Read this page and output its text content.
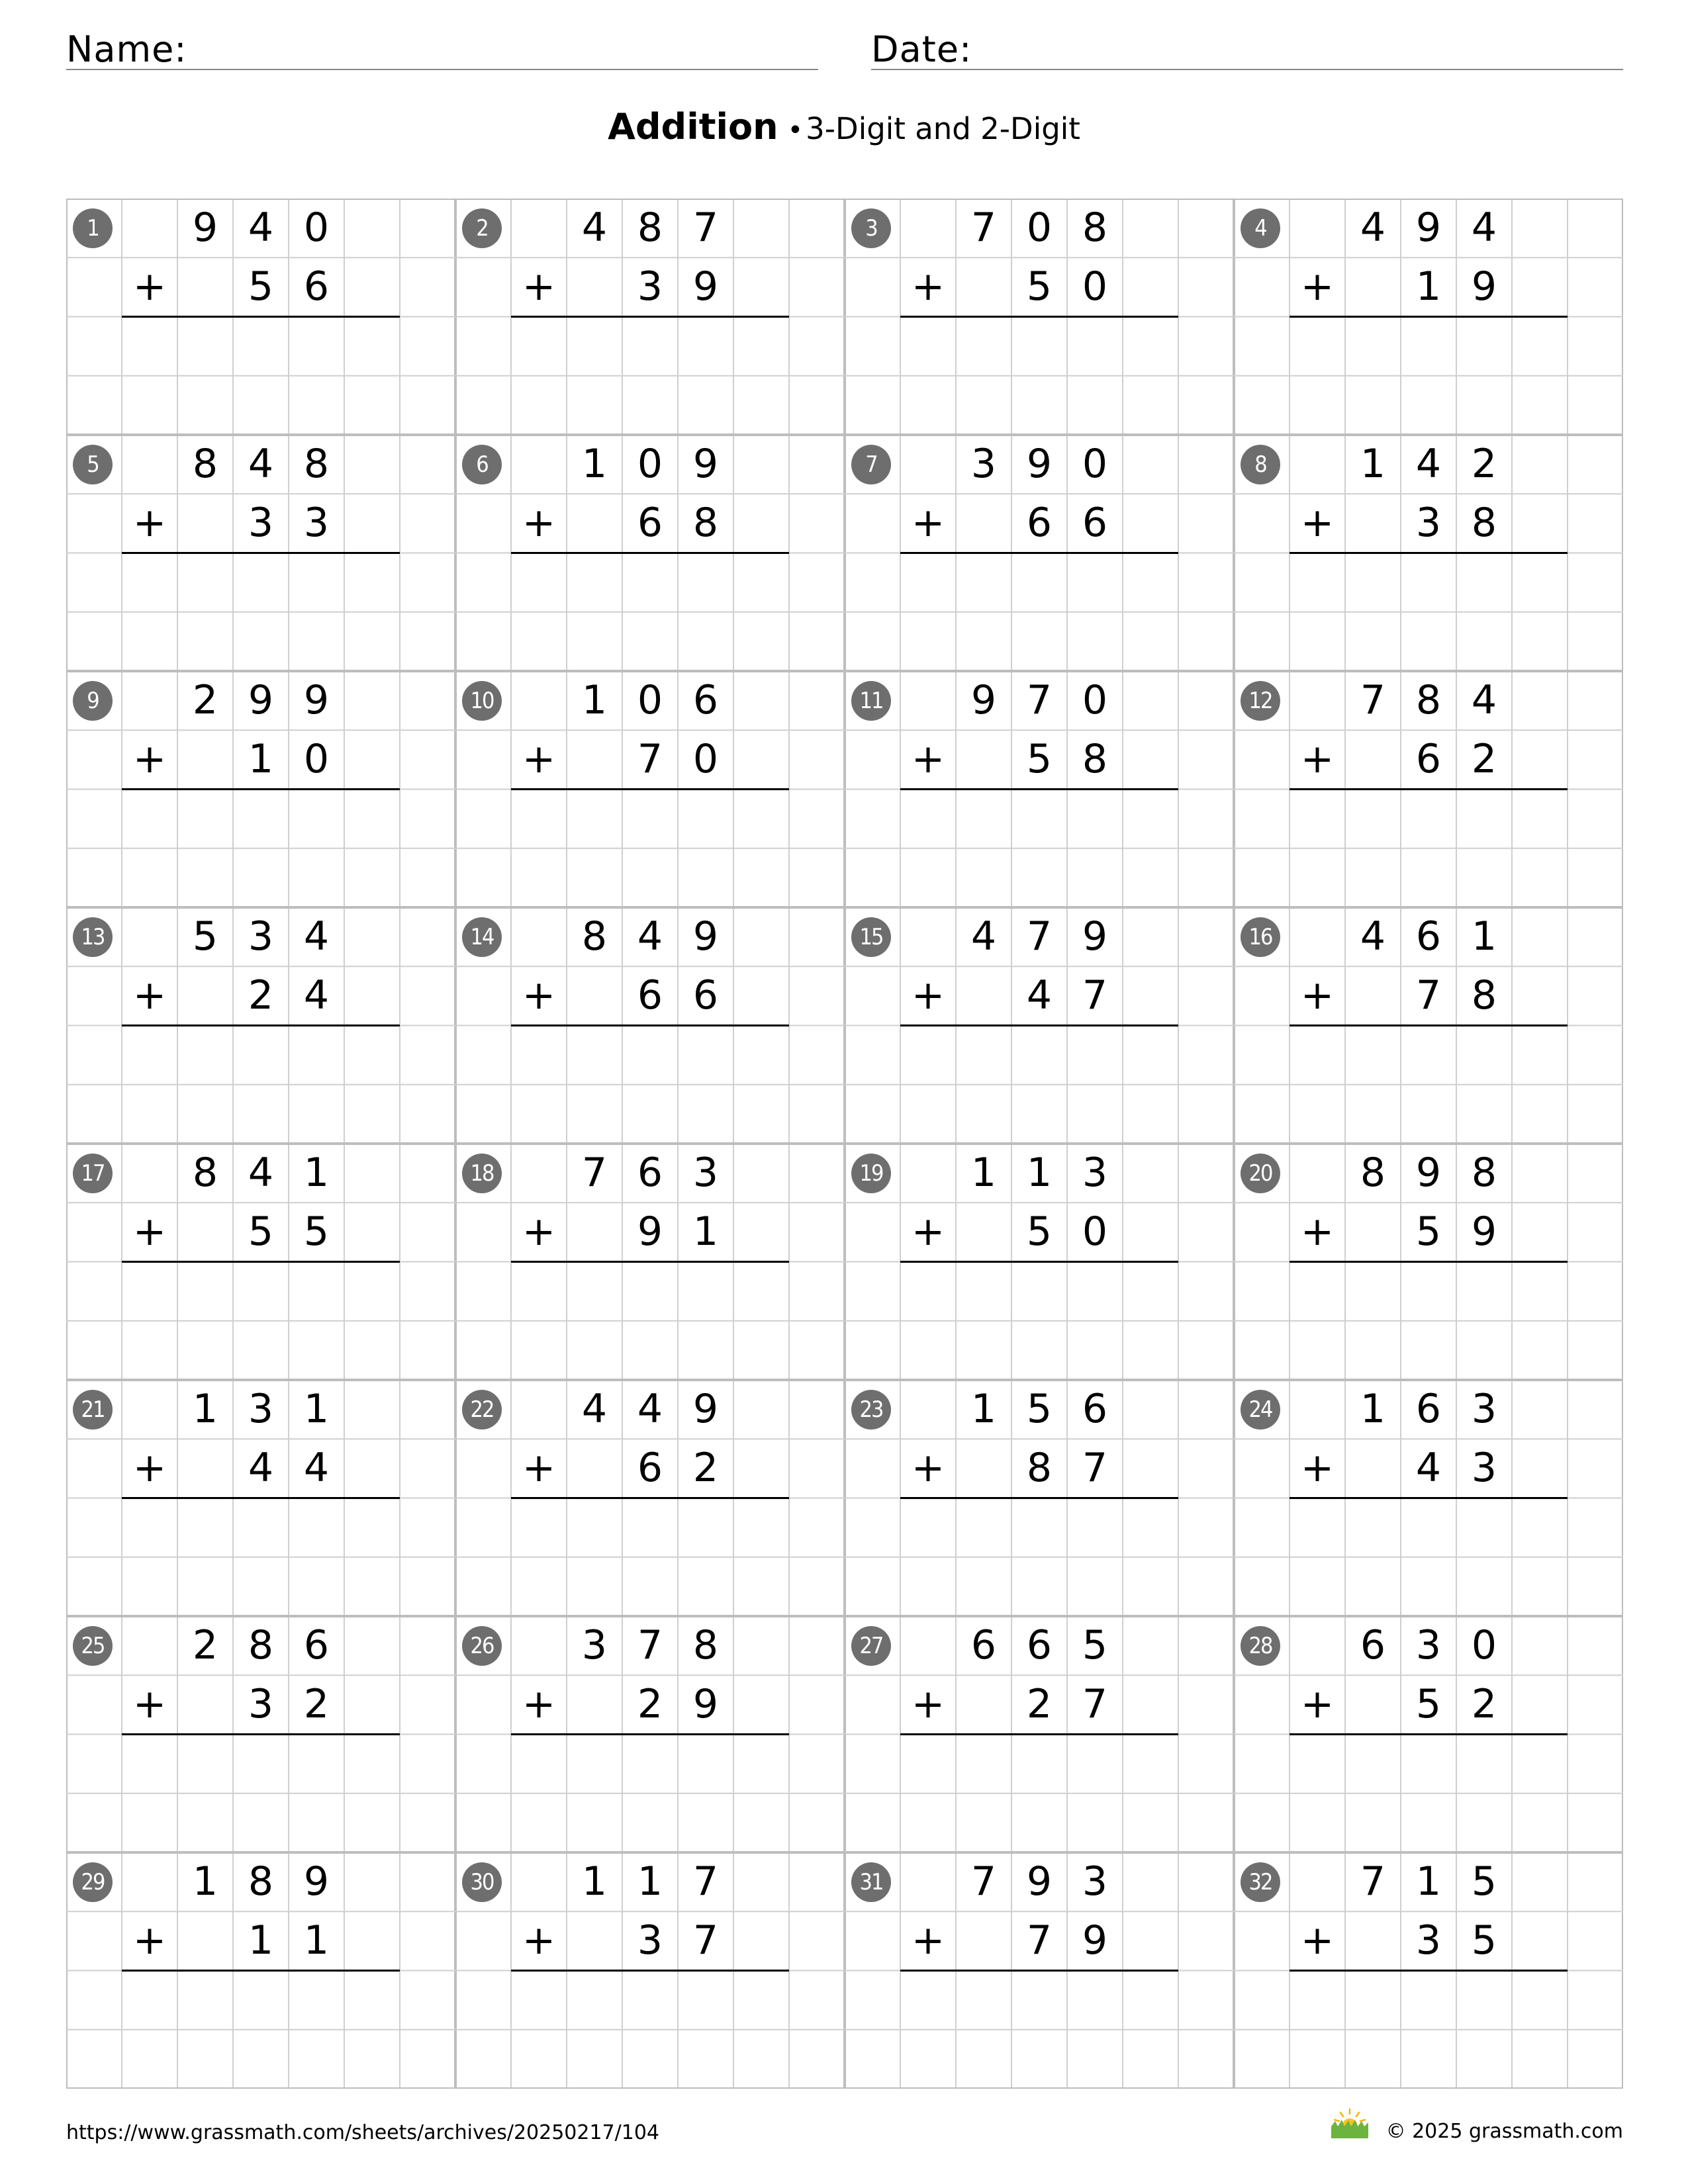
Name:	Date:
Addition •3-Digit and 2-Digit
1	9 4 0
5 6
+
2	4 8 7
3 9
+
3	7 0 8
5 0
+
4	4 9 4
1 9
+
5	8 4 8
3 3
+
6	1 0 9
6 8
+
7	3 9 0
6 6
+
8	1 4 2
3 8
+
9	2 9 9
1 0
+
10	1 0 6
7 0
+
11	9 7 0
5 8
+
12	7 8 4
6 2
+
13	5 3 4
2 4
+
14	8 4 9
6 6
+
15	4 7 9
4 7
+
16	4 6 1
7 8
+
17	8 4 1
5 5
+
18	7 6 3
9 1
+
19	1 1 3
5 0
+
20	8 9 8
5 9
+
21	1 3 1
4 4
+
22	4 4 9
6 2
+
23	1 5 6
8 7
+
24	1 6 3
4 3
+
25	2 8 6
3 2
+
26	3 7 8
2 9
+
27	6 6 5
2 7
+
28	6 3 0
5 2
+
29	1 8 9
1 1
+
30	1 1 7
3 7
+
31	7 9 3
7 9
+
32	7 1 5
3 5
+
https://www.grassmath.com/sheets/archives/20250217/104	© 2025 grassmath.com
